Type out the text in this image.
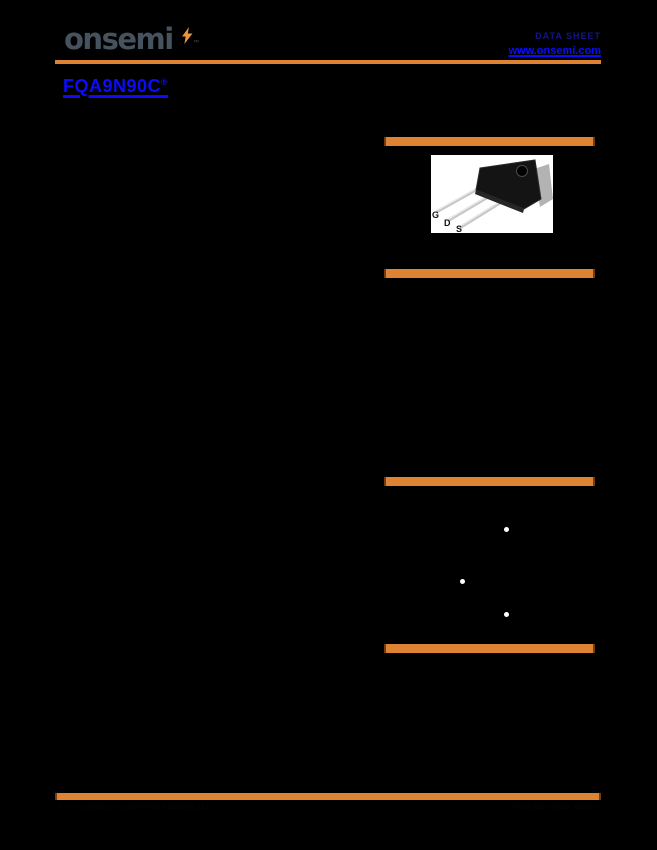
onsemi	™
DATA SHEET
www.onsemi.com
FQA9N90C®
G
D
S
© Semiconductor Components Industries, LLC	1	Publication Order Number:
